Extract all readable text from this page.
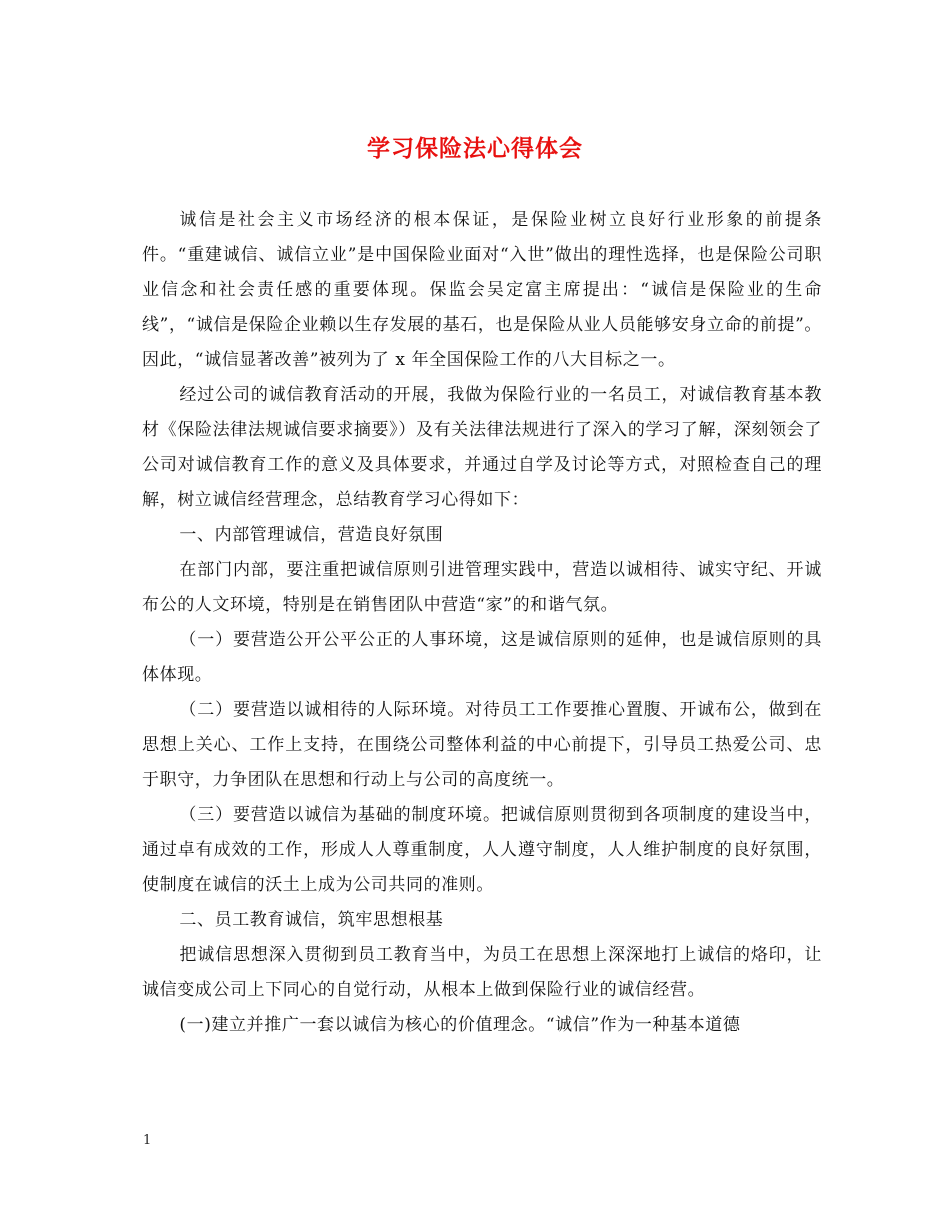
学习保险法心得体会

诚信是社会主义市场经济的根本保证，是保险业树立良好行业形象的前提条件。“重建诚信、诚信立业”是中国保险业面对“入世”做出的理性选择，也是保险公司职业信念和社会责任感的重要体现。保监会吴定富主席提出：“诚信是保险业的生命线”，“诚信是保险企业赖以生存发展的基石，也是保险从业人员能够安身立命的前提”。因此，“诚信显著改善”被列为了 x 年全国保险工作的八大目标之一。

经过公司的诚信教育活动的开展，我做为保险行业的一名员工，对诚信教育基本教材《保险法律法规诚信要求摘要》）及有关法律法规进行了深入的学习了解，深刻领会了公司对诚信教育工作的意义及具体要求，并通过自学及讨论等方式，对照检查自己的理解，树立诚信经营理念，总结教育学习心得如下：

一、内部管理诚信，营造良好氛围

在部门内部，要注重把诚信原则引进管理实践中，营造以诚相待、诚实守纪、开诚布公的人文环境，特别是在销售团队中营造“家”的和谐气氛。

（一）要营造公开公平公正的人事环境，这是诚信原则的延伸，也是诚信原则的具体体现。

（二）要营造以诚相待的人际环境。对待员工工作要推心置腹、开诚布公，做到在思想上关心、工作上支持，在围绕公司整体利益的中心前提下，引导员工热爱公司、忠于职守，力争团队在思想和行动上与公司的高度统一。

（三）要营造以诚信为基础的制度环境。把诚信原则贯彻到各项制度的建设当中，通过卓有成效的工作，形成人人尊重制度，人人遵守制度，人人维护制度的良好氛围，使制度在诚信的沃土上成为公司共同的准则。

二、员工教育诚信，筑牢思想根基

把诚信思想深入贯彻到员工教育当中，为员工在思想上深深地打上诚信的烙印，让诚信变成公司上下同心的自觉行动，从根本上做到保险行业的诚信经营。

(一)建立并推广一套以诚信为核心的价值理念。“诚信”作为一种基本道德

1
